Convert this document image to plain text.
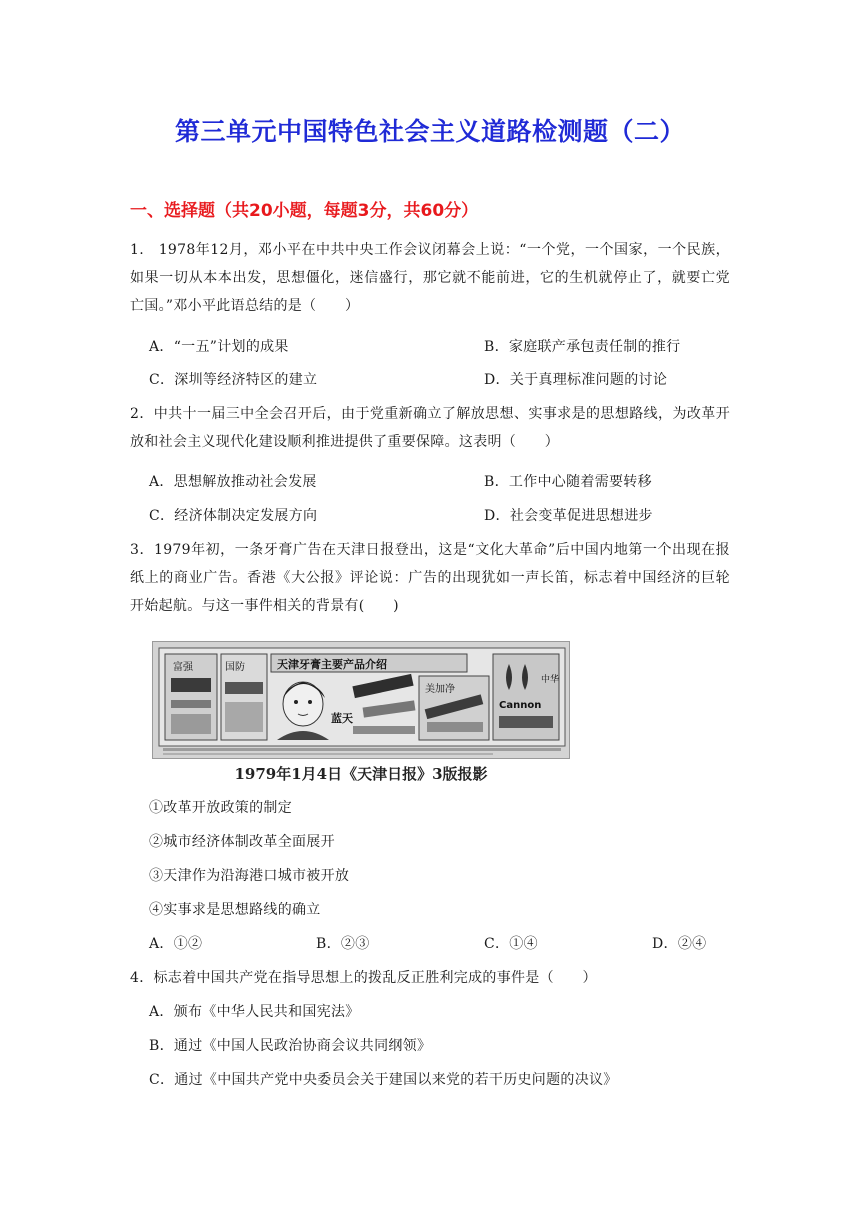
第三单元中国特色社会主义道路检测题（二）
一、选择题（共20小题，每题3分，共60分）
1.　1978年12月，邓小平在中共中央工作会议闭幕会上说：“一个党，一个国家，一个民族，如果一切从本本出发，思想僵化，迷信盛行，那它就不能前进，它的生机就停止了，就要亡党亡国。”邓小平此语总结的是（　　）
A．“一五”计划的成果	B．家庭联产承包责任制的推行
C．深圳等经济特区的建立	D．关于真理标准问题的讨论
2．中共十一届三中全会召开后，由于党重新确立了解放思想、实事求是的思想路线，为改革开放和社会主义现代化建设顺利推进提供了重要保障。这表明（　　）
A．思想解放推动社会发展	B．工作中心随着需要转移
C．经济体制决定发展方向	D．社会变革促进思想进步
3．1979年初，一条牙膏广告在天津日报登出，这是“文化大革命”后中国内地第一个出现在报纸上的商业广告。香港《大公报》评论说：广告的出现犹如一声长笛，标志着中国经济的巨轮开始起航。与这一事件相关的背景有(　　)
富强	国防	天津牙膏主要产品介绍
蓝天
美加净
Cannon
中华
1979年1月4日《天津日报》3版报影
①改革开放政策的制定
②城市经济体制改革全面展开
③天津作为沿海港口城市被开放
④实事求是思想路线的确立
A．①②	B．②③	C．①④	D．②④
4．标志着中国共产党在指导思想上的拨乱反正胜利完成的事件是（　　）
A．颁布《中华人民共和国宪法》
B．通过《中国人民政治协商会议共同纲领》
C．通过《中国共产党中央委员会关于建国以来党的若干历史问题的决议》
